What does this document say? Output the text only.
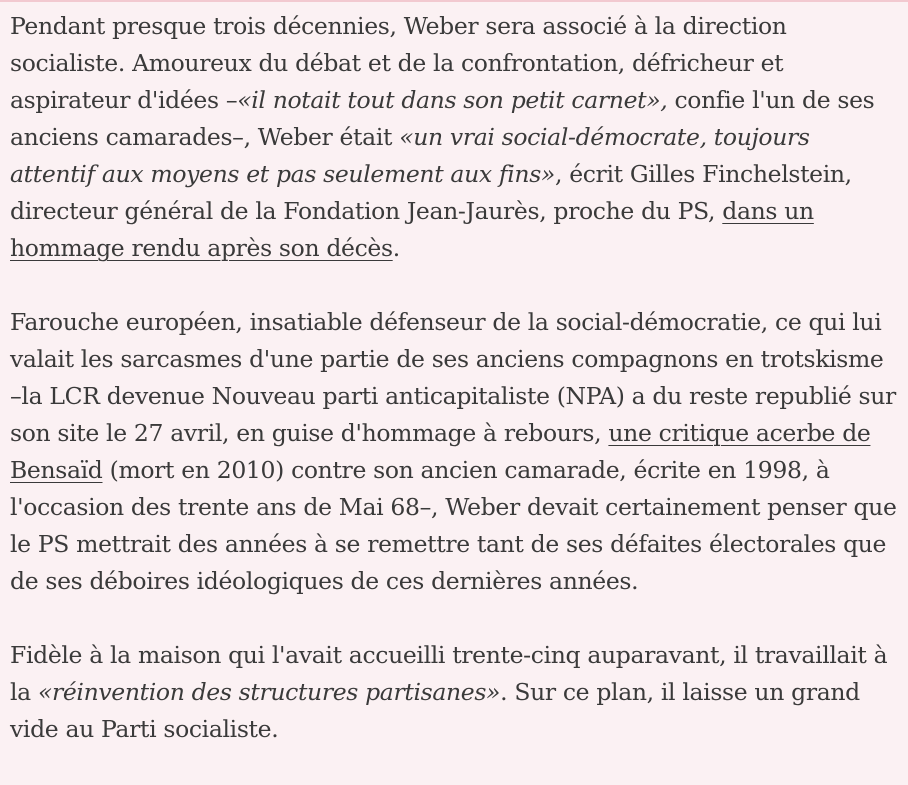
Pendant presque trois décennies, Weber sera associé à la direction socialiste. Amoureux du débat et de la confrontation, défricheur et aspirateur d'idées –«il notait tout dans son petit carnet», confie l'un de ses anciens camarades–, Weber était «un vrai social-démocrate, toujours attentif aux moyens et pas seulement aux fins», écrit Gilles Finchelstein, directeur général de la Fondation Jean-Jaurès, proche du PS, dans un hommage rendu après son décès.

Farouche européen, insatiable défenseur de la social-démocratie, ce qui lui valait les sarcasmes d'une partie de ses anciens compagnons en trotskisme –la LCR devenue Nouveau parti anticapitaliste (NPA) a du reste republié sur son site le 27 avril, en guise d'hommage à rebours, une critique acerbe de Bensaïd (mort en 2010) contre son ancien camarade, écrite en 1998, à l'occasion des trente ans de Mai 68–, Weber devait certainement penser que le PS mettrait des années à se remettre tant de ses défaites électorales que de ses déboires idéologiques de ces dernières années.

Fidèle à la maison qui l'avait accueilli trente-cinq auparavant, il travaillait à la «réinvention des structures partisanes». Sur ce plan, il laisse un grand vide au Parti socialiste.
